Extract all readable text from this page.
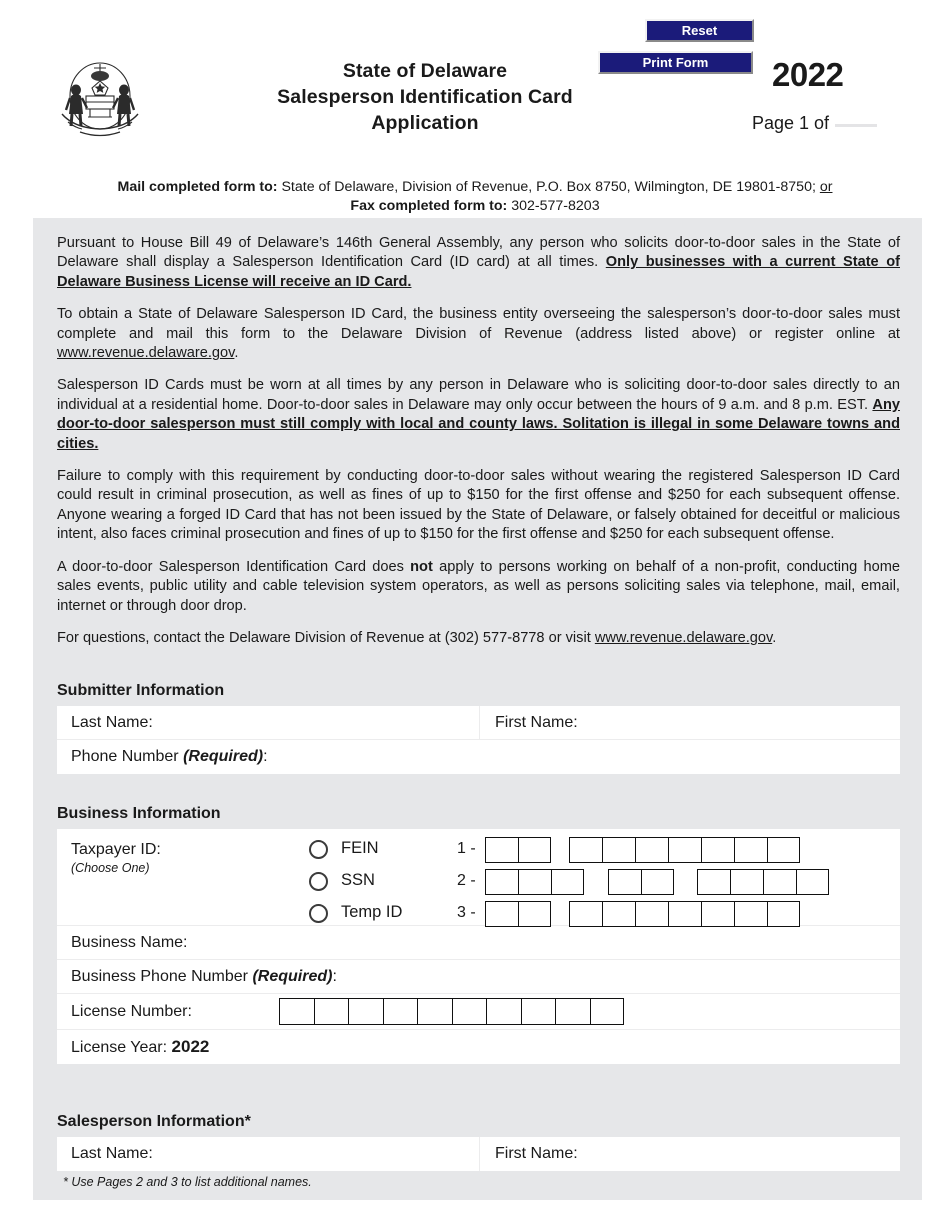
State of Delaware
Salesperson Identification Card
Application
Reset
Print Form	2022
Page 1 of
Mail completed form to: State of Delaware, Division of Revenue, P.O. Box 8750, Wilmington, DE 19801-8750; or
Fax completed form to: 302-577-8203

Pursuant to House Bill 49 of Delaware’s 146th General Assembly, any person who solicits door-to-door sales in the State of Delaware shall display a Salesperson Identification Card (ID card) at all times. Only businesses with a current State of Delaware Business License will receive an ID Card.

To obtain a State of Delaware Salesperson ID Card, the business entity overseeing the salesperson’s door-to-door sales must complete and mail this form to the Delaware Division of Revenue (address listed above) or register online at www.revenue.delaware.gov.

Salesperson ID Cards must be worn at all times by any person in Delaware who is soliciting door-to-door sales directly to an individual at a residential home. Door-to-door sales in Delaware may only occur between the hours of 9 a.m. and 8 p.m. EST. Any door-to-door salesperson must still comply with local and county laws. Solitation is illegal in some Delaware towns and cities.

Failure to comply with this requirement by conducting door-to-door sales without wearing the registered Salesperson ID Card could result in criminal prosecution, as well as fines of up to $150 for the first offense and $250 for each subsequent offense. Anyone wearing a forged ID Card that has not been issued by the State of Delaware, or falsely obtained for deceitful or malicious intent, also faces criminal prosecution and fines of up to $150 for the first offense and $250 for each subsequent offense.

A door-to-door Salesperson Identification Card does not apply to persons working on behalf of a non-profit, conducting home sales events, public utility and cable television system operators, as well as persons soliciting sales via telephone, mail, email, internet or through door drop.

For questions, contact the Delaware Division of Revenue at (302) 577-8778 or visit www.revenue.delaware.gov.

Submitter Information
Last Name:	First Name:
Phone Number (Required):
Business Information
Taxpayer ID:
(Choose One)
FEIN	1 -
SSN	2 -
Temp ID	3 -
Business Name:
Business Phone Number (Required):
License Number:
License Year: 2022
Salesperson Information*
Last Name:	First Name:
* Use Pages 2 and 3 to list additional names.
